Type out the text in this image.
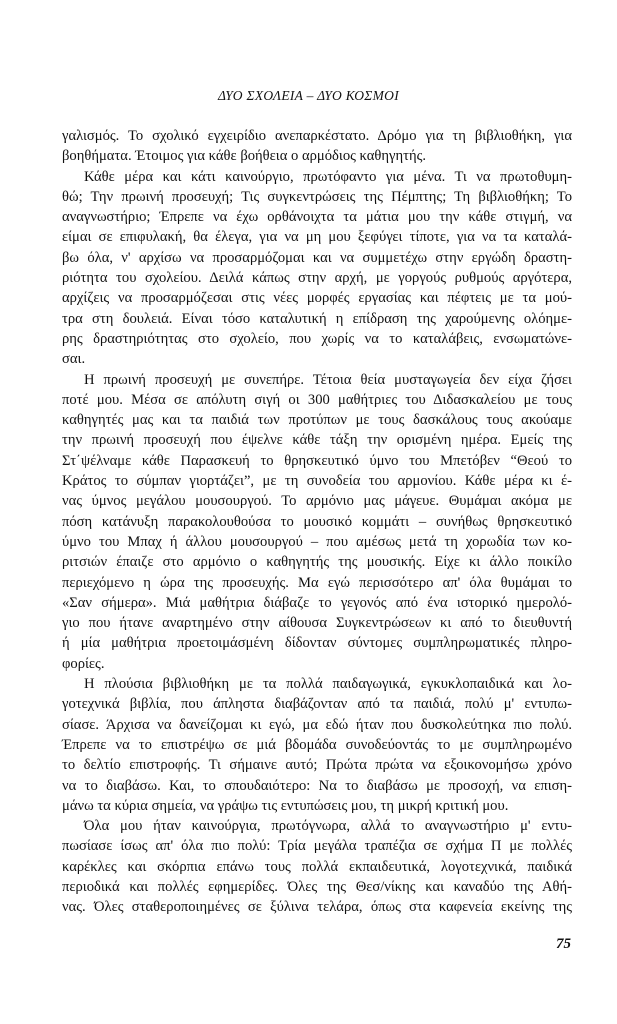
ΔΥΟ ΣΧΟΛΕΙΑ – ΔΥΟ ΚΟΣΜΟΙ
γαλισμός. Το σχολικό εγχειρίδιο ανεπαρκέστατο. Δρόμο για τη βιβλιοθήκη, για
βοηθήματα. Έτοιμος για κάθε βοήθεια ο αρμόδιος καθηγητής.
Κάθε μέρα και κάτι καινούργιο, πρωτόφαντο για μένα. Τι να πρωτοθυμη-
θώ; Την πρωινή προσευχή; Τις συγκεντρώσεις της Πέμπτης; Τη βιβλιοθήκη; Το
αναγνωστήριο; Έπρεπε να έχω ορθάνοιχτα τα μάτια μου την κάθε στιγμή, να
είμαι σε επιφυλακή, θα έλεγα, για να μη μου ξεφύγει τίποτε, για να τα καταλά-
βω όλα, ν' αρχίσω να προσαρμόζομαι και να συμμετέχω στην εργώδη δραστη-
ριότητα του σχολείου. Δειλά κάπως στην αρχή, με γοργούς ρυθμούς αργότερα,
αρχίζεις να προσαρμόζεσαι στις νέες μορφές εργασίας και πέφτεις με τα μού-
τρα στη δουλειά. Είναι τόσο καταλυτική η επίδραση της χαρούμενης ολόημε-
ρης δραστηριότητας στο σχολείο, που χωρίς να το καταλάβεις, ενσωματώνε-
σαι.
Η πρωινή προσευχή με συνεπήρε. Τέτοια θεία μυσταγωγεία δεν είχα ζήσει
ποτέ μου. Μέσα σε απόλυτη σιγή οι 300 μαθήτριες του Διδασκαλείου με τους
καθηγητές μας και τα παιδιά των προτύπων με τους δασκάλους τους ακούαμε
την πρωινή προσευχή που έψελνε κάθε τάξη την ορισμένη ημέρα. Εμείς της
Στ΄ψέλναμε κάθε Παρασκευή το θρησκευτικό ύμνο του Μπετόβεν “Θεού το
Κράτος το σύμπαν γιορτάζει”, με τη συνοδεία του αρμονίου. Κάθε μέρα κι έ-
νας ύμνος μεγάλου μουσουργού. Το αρμόνιο μας μάγευε. Θυμάμαι ακόμα με
πόση κατάνυξη παρακολουθούσα το μουσικό κομμάτι – συνήθως θρησκευτικό
ύμνο του Μπαχ ή άλλου μουσουργού – που αμέσως μετά τη χορωδία των κο-
ριτσιών έπαιζε στο αρμόνιο ο καθηγητής της μουσικής. Είχε κι άλλο ποικίλο
περιεχόμενο η ώρα της προσευχής. Μα εγώ περισσότερο απ' όλα θυμάμαι το
«Σαν σήμερα». Μιά μαθήτρια διάβαζε το γεγονός από ένα ιστορικό ημερολό-
γιο που ήτανε αναρτημένο στην αίθουσα Συγκεντρώσεων κι από το διευθυντή
ή μία μαθήτρια προετοιμάσμένη δίδονταν σύντομες συμπληρωματικές πληρο-
φορίες.
Η πλούσια βιβλιοθήκη με τα πολλά παιδαγωγικά, εγκυκλοπαιδικά και λο-
γοτεχνικά βιβλία, που άπληστα διαβάζονταν από τα παιδιά, πολύ μ' εντυπω-
σίασε. Άρχισα να δανείζομαι κι εγώ, μα εδώ ήταν που δυσκολεύτηκα πιο πολύ.
Έπρεπε να το επιστρέψω σε μιά βδομάδα συνοδεύοντάς το με συμπληρωμένο
το δελτίο επιστροφής. Τι σήμαινε αυτό; Πρώτα πρώτα να εξοικονομήσω χρόνο
να το διαβάσω. Και, το σπουδαιότερο: Να το διαβάσω με προσοχή, να επιση-
μάνω τα κύρια σημεία, να γράψω τις εντυπώσεις μου, τη μικρή κριτική μου.
Όλα μου ήταν καινούργια, πρωτόγνωρα, αλλά το αναγνωστήριο μ' εντυ-
πωσίασε ίσως απ' όλα πιο πολύ: Τρία μεγάλα τραπέζια σε σχήμα Π με πολλές
καρέκλες και σκόρπια επάνω τους πολλά εκπαιδευτικά, λογοτεχνικά, παιδικά
περιοδικά και πολλές εφημερίδες. Όλες της Θεσ/νίκης και καναδύο της Αθή-
νας. Όλες σταθεροποιημένες σε ξύλινα τελάρα, όπως στα καφενεία εκείνης της
75
